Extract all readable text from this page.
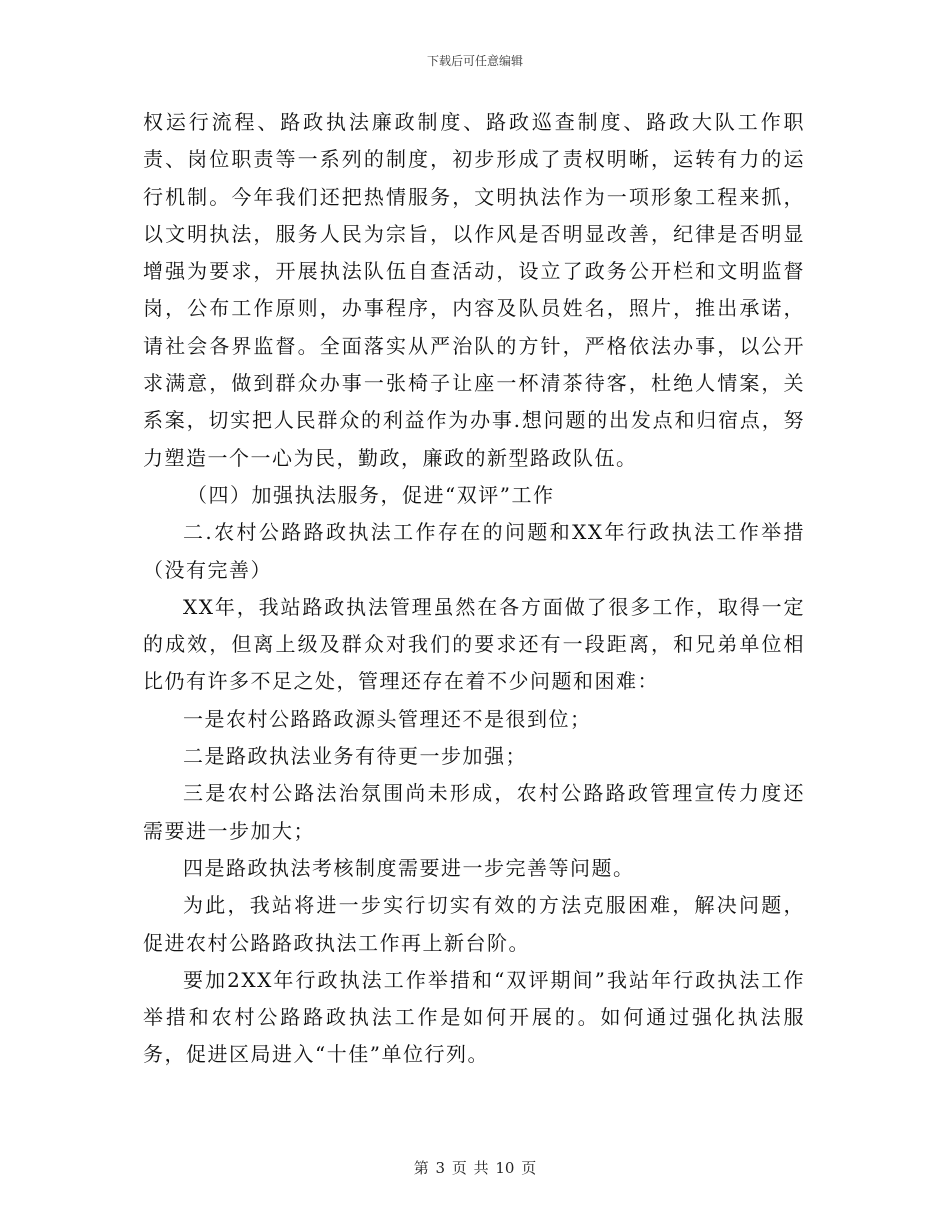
下载后可任意编辑

权运行流程、路政执法廉政制度、路政巡查制度、路政大队工作职责、岗位职责等一系列的制度，初步形成了责权明晰，运转有力的运行机制。今年我们还把热情服务，文明执法作为一项形象工程来抓，以文明执法，服务人民为宗旨，以作风是否明显改善，纪律是否明显增强为要求，开展执法队伍自查活动，设立了政务公开栏和文明监督岗，公布工作原则，办事程序，内容及队员姓名，照片，推出承诺，请社会各界监督。全面落实从严治队的方针，严格依法办事，以公开求满意，做到群众办事一张椅子让座一杯清茶待客，杜绝人情案，关系案，切实把人民群众的利益作为办事.想问题的出发点和归宿点，努力塑造一个一心为民，勤政，廉政的新型路政队伍。

（四）加强执法服务，促进“双评”工作

二.农村公路路政执法工作存在的问题和XX年行政执法工作举措（没有完善）

XX年，我站路政执法管理虽然在各方面做了很多工作，取得一定的成效，但离上级及群众对我们的要求还有一段距离，和兄弟单位相比仍有许多不足之处，管理还存在着不少问题和困难：

一是农村公路路政源头管理还不是很到位；

二是路政执法业务有待更一步加强；

三是农村公路法治氛围尚未形成，农村公路路政管理宣传力度还需要进一步加大；

四是路政执法考核制度需要进一步完善等问题。

为此，我站将进一步实行切实有效的方法克服困难，解决问题，促进农村公路路政执法工作再上新台阶。

要加2XX年行政执法工作举措和“双评期间”我站年行政执法工作举措和农村公路路政执法工作是如何开展的。如何通过强化执法服务，促进区局进入“十佳”单位行列。

第 3 页 共 10 页
